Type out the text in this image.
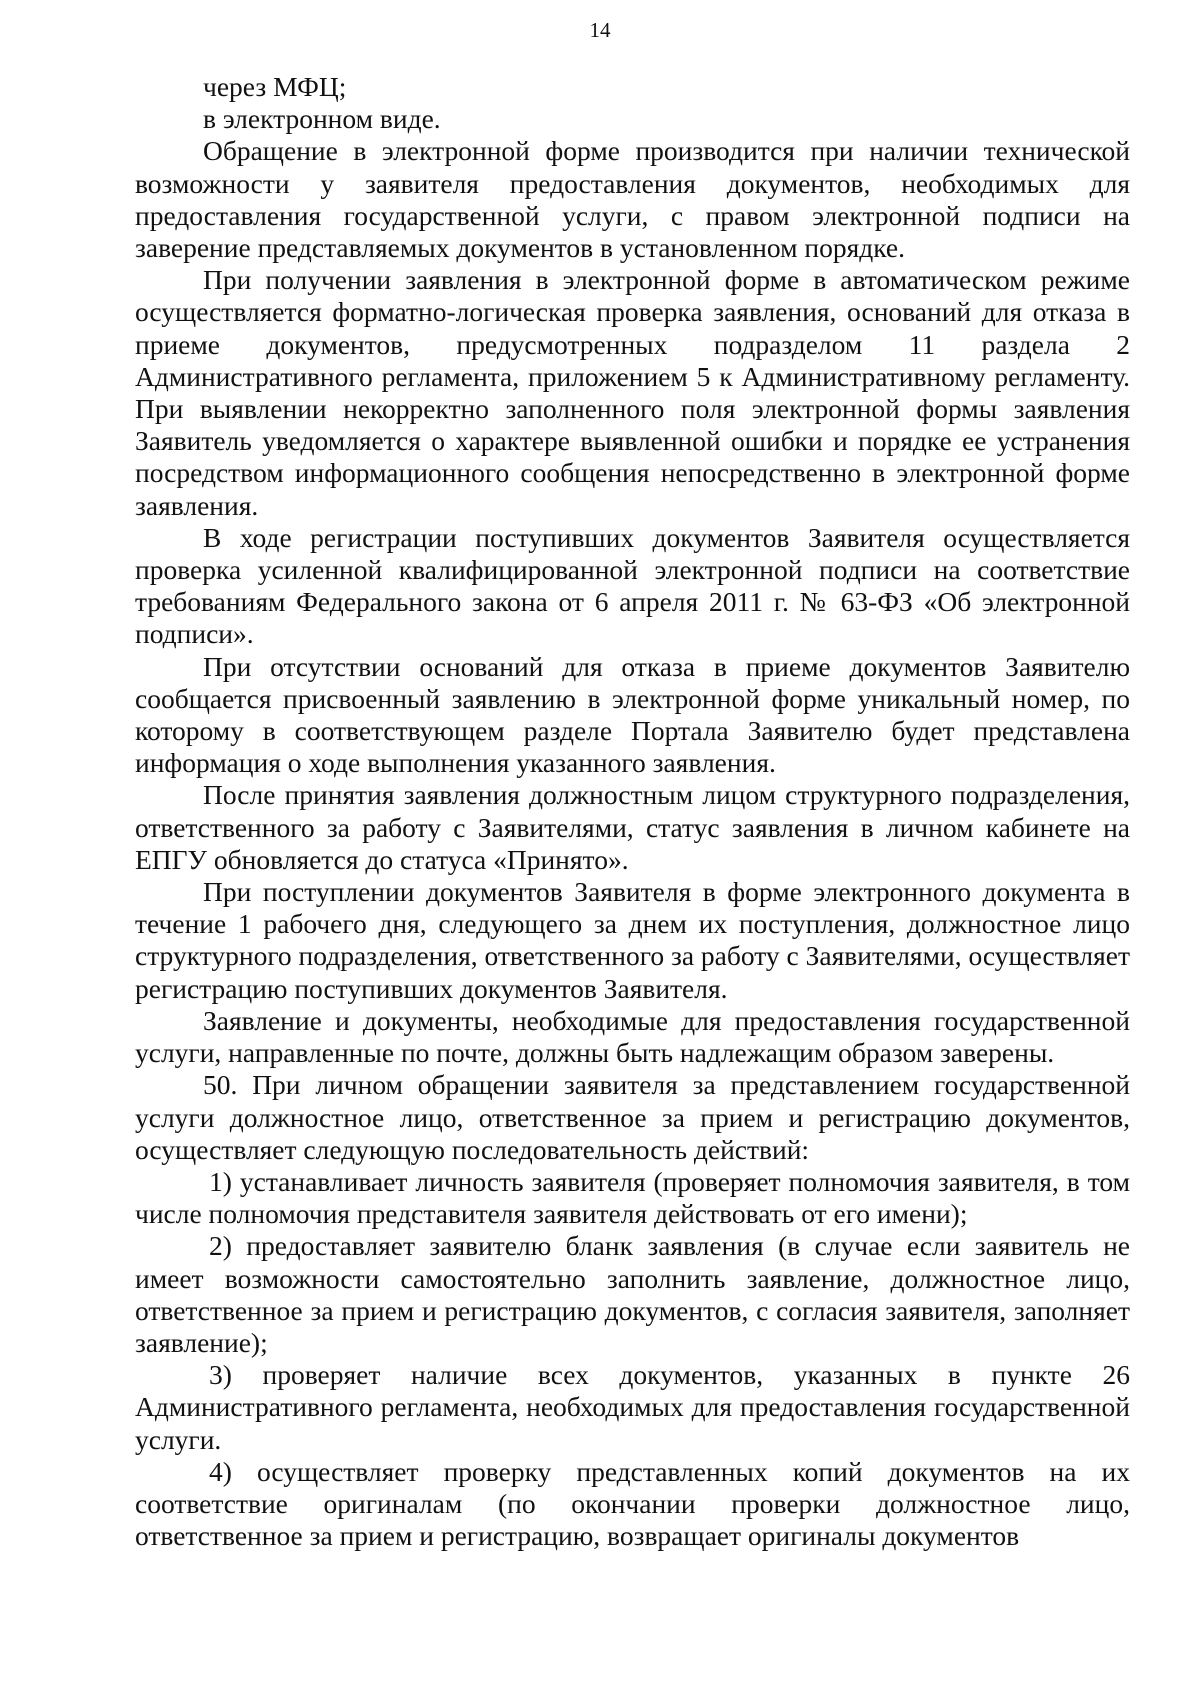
14

через МФЦ;

в электронном виде.

Обращение в электронной форме производится при наличии технической возможности у заявителя предоставления документов, необходимых для предоставления государственной услуги, с правом электронной подписи на заверение представляемых документов в установленном порядке.

При получении заявления в электронной форме в автоматическом режиме осуществляется форматно-логическая проверка заявления, оснований для отказа в приеме документов, предусмотренных подразделом 11 раздела 2 Административного регламента, приложением 5 к Административному регламенту. При выявлении некорректно заполненного поля электронной формы заявления Заявитель уведомляется о характере выявленной ошибки и порядке ее устранения посредством информационного сообщения непосредственно в электронной форме заявления.

В ходе регистрации поступивших документов Заявителя осуществляется проверка усиленной квалифицированной электронной подписи на соответствие требованиям Федерального закона от 6 апреля 2011 г. № 63-ФЗ «Об электронной подписи».

При отсутствии оснований для отказа в приеме документов Заявителю сообщается присвоенный заявлению в электронной форме уникальный номер, по которому в соответствующем разделе Портала Заявителю будет представлена информация о ходе выполнения указанного заявления.

После принятия заявления должностным лицом структурного подразделения, ответственного за работу с Заявителями, статус заявления в личном кабинете на ЕПГУ обновляется до статуса «Принято».

При поступлении документов Заявителя в форме электронного документа в течение 1 рабочего дня, следующего за днем их поступления, должностное лицо структурного подразделения, ответственного за работу с Заявителями, осуществляет регистрацию поступивших документов Заявителя.

Заявление и документы, необходимые для предоставления государственной услуги, направленные по почте, должны быть надлежащим образом заверены.

50. При личном обращении заявителя за представлением государственной услуги должностное лицо, ответственное за прием и регистрацию документов, осуществляет следующую последовательность действий:

1) устанавливает личность заявителя (проверяет полномочия заявителя, в том числе полномочия представителя заявителя действовать от его имени);

2) предоставляет заявителю бланк заявления (в случае если заявитель не имеет возможности самостоятельно заполнить заявление, должностное лицо, ответственное за прием и регистрацию документов, с согласия заявителя, заполняет заявление);

3) проверяет наличие всех документов, указанных в пункте 26 Административного регламента, необходимых для предоставления государственной услуги.

4) осуществляет проверку представленных копий документов на их соответствие оригиналам (по окончании проверки должностное лицо, ответственное за прием и регистрацию, возвращает оригиналы документов
